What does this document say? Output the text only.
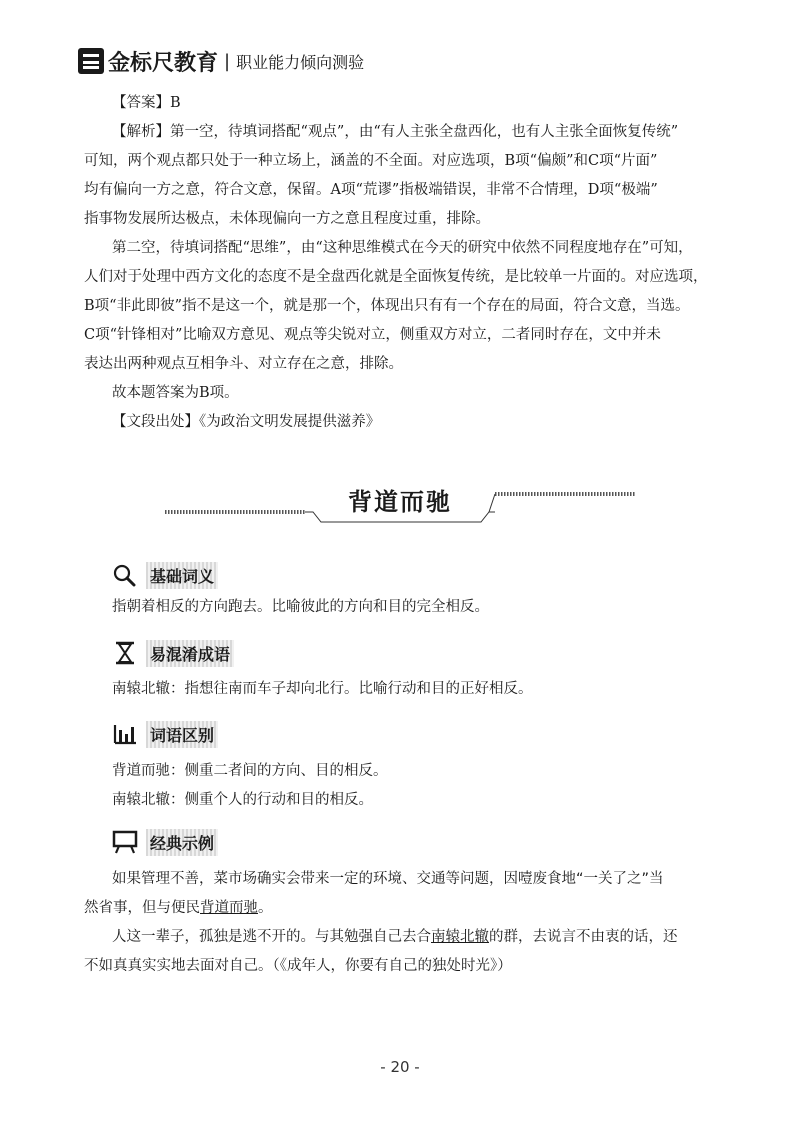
金标尺教育 | 职业能力倾向测验
【答案】B
【解析】第一空，待填词搭配“观点”，由“有人主张全盘西化，也有人主张全面恢复传统”
可知，两个观点都只处于一种立场上，涵盖的不全面。对应选项，B项“偏颇”和C项“片面”
均有偏向一方之意，符合文意，保留。A项“荒谬”指极端错误，非常不合情理，D项“极端”
指事物发展所达极点，未体现偏向一方之意且程度过重，排除。
第二空，待填词搭配“思维”，由“这种思维模式在今天的研究中依然不同程度地存在”可知，
人们对于处理中西方文化的态度不是全盘西化就是全面恢复传统，是比较单一片面的。对应选项，
B项“非此即彼”指不是这一个，就是那一个，体现出只有有一个存在的局面，符合文意，当选。
C项“针锋相对”比喻双方意见、观点等尖锐对立，侧重双方对立，二者同时存在，文中并未
表达出两种观点互相争斗、对立存在之意，排除。
故本题答案为B项。
【文段出处】《为政治文明发展提供滋养》
背道而驰
基础词义
指朝着相反的方向跑去。比喻彼此的方向和目的完全相反。
易混淆成语
南辕北辙：指想往南而车子却向北行。比喻行动和目的正好相反。
词语区别
背道而驰：侧重二者间的方向、目的相反。
南辕北辙：侧重个人的行动和目的相反。
经典示例
如果管理不善，菜市场确实会带来一定的环境、交通等问题，因噎废食地“一关了之”当
然省事，但与便民背道而驰。
人这一辈子，孤独是逃不开的。与其勉强自己去合南辕北辙的群，去说言不由衷的话，还
不如真真实实地去面对自己。（《成年人，你要有自己的独处时光》）
- 20 -
